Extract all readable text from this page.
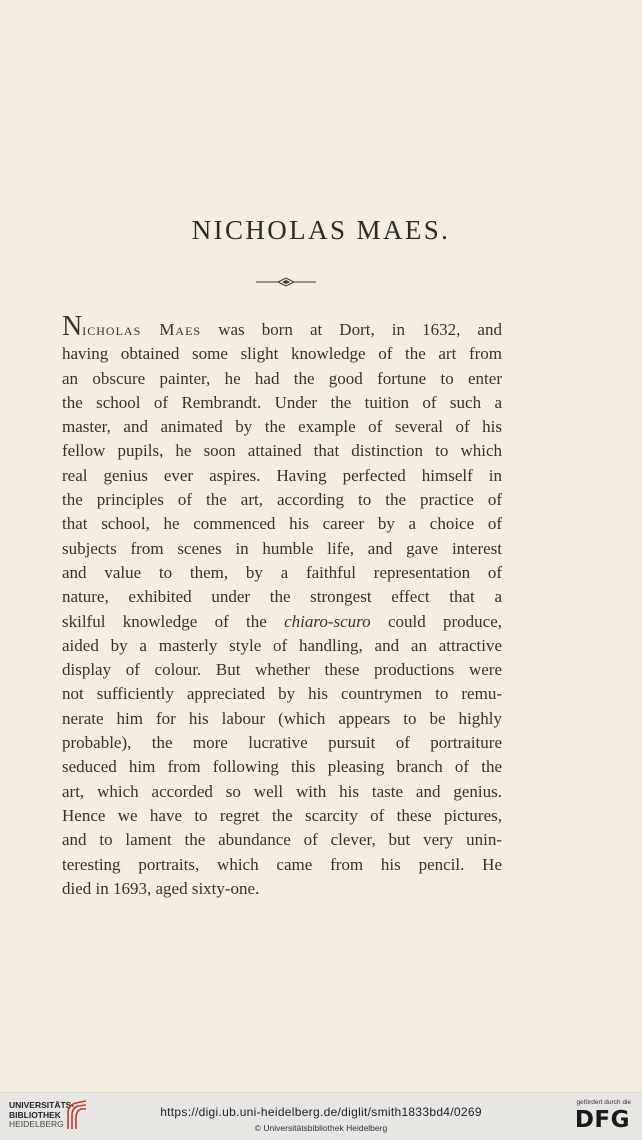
NICHOLAS MAES.
Nicholas Maes was born at Dort, in 1632, and
having obtained some slight knowledge of the art from
an obscure painter, he had the good fortune to enter
the school of Rembrandt. Under the tuition of such a
master, and animated by the example of several of his
fellow pupils, he soon attained that distinction to which
real genius ever aspires. Having perfected himself in
the principles of the art, according to the practice of
that school, he commenced his career by a choice of
subjects from scenes in humble life, and gave interest
and value to them, by a faithful representation of
nature, exhibited under the strongest effect that a
skilful knowledge of the chiaro-scuro could produce,
aided by a masterly style of handling, and an attractive
display of colour. But whether these productions were
not sufficiently appreciated by his countrymen to remu-
nerate him for his labour (which appears to be highly
probable), the more lucrative pursuit of portraiture
seduced him from following this pleasing branch of the
art, which accorded so well with his taste and genius.
Hence we have to regret the scarcity of these pictures,
and to lament the abundance of clever, but very unin-
teresting portraits, which came from his pencil. He
died in 1693, aged sixty-one.
UNIVERSITÄTS-
BIBLIOTHEK
HEIDELBERG
https://digi.ub.uni-heidelberg.de/diglit/smith1833bd4/0269
© Universitätsbibliothek Heidelberg
gefördert durch die
DFG
